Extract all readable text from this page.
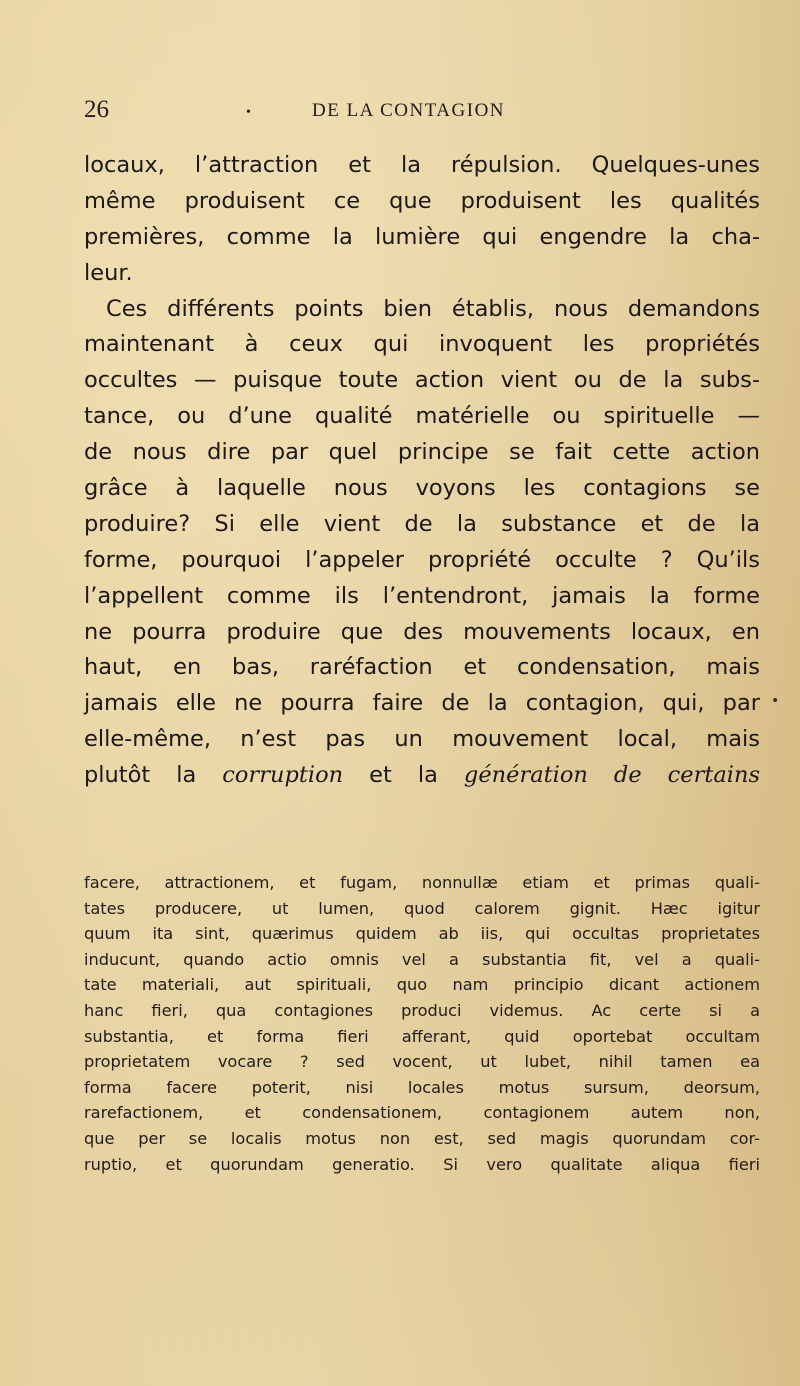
26	•	DE LA CONTAGION
locaux, l’attraction et la répulsion. Quelques-unes
même produisent ce que produisent les qualités
premières, comme la lumière qui engendre la cha-
leur.
Ces différents points bien établis, nous demandons
maintenant à ceux qui invoquent les propriétés
occultes — puisque toute action vient ou de la subs-
tance, ou d’une qualité matérielle ou spirituelle —
de nous dire par quel principe se fait cette action
grâce à laquelle nous voyons les contagions se
produire? Si elle vient de la substance et de la
forme, pourquoi l’appeler propriété occulte ? Qu’ils
l’appellent comme ils l’entendront, jamais la forme
ne pourra produire que des mouvements locaux, en
haut, en bas, raréfaction et condensation, mais
jamais elle ne pourra faire de la contagion, qui, par
elle-même, n’est pas un mouvement local, mais
plutôt la corruption et la génération de certains
•
facere, attractionem, et fugam, nonnullæ etiam et primas quali-
tates producere, ut lumen, quod calorem gignit. Hæc igitur
quum ita sint, quærimus quidem ab iis, qui occultas proprietates
inducunt, quando actio omnis vel a substantia fit, vel a quali-
tate materiali, aut spirituali, quo nam principio dicant actionem
hanc fieri, qua contagiones produci videmus. Ac certe si a
substantia, et forma fieri afferant, quid oportebat occultam
proprietatem vocare ? sed vocent, ut lubet, nihil tamen ea
forma facere poterit, nisi locales motus sursum, deorsum,
rarefactionem, et condensationem, contagionem autem non,
que per se localis motus non est, sed magis quorundam cor-
ruptio, et quorundam generatio. Si vero qualitate aliqua fieri
